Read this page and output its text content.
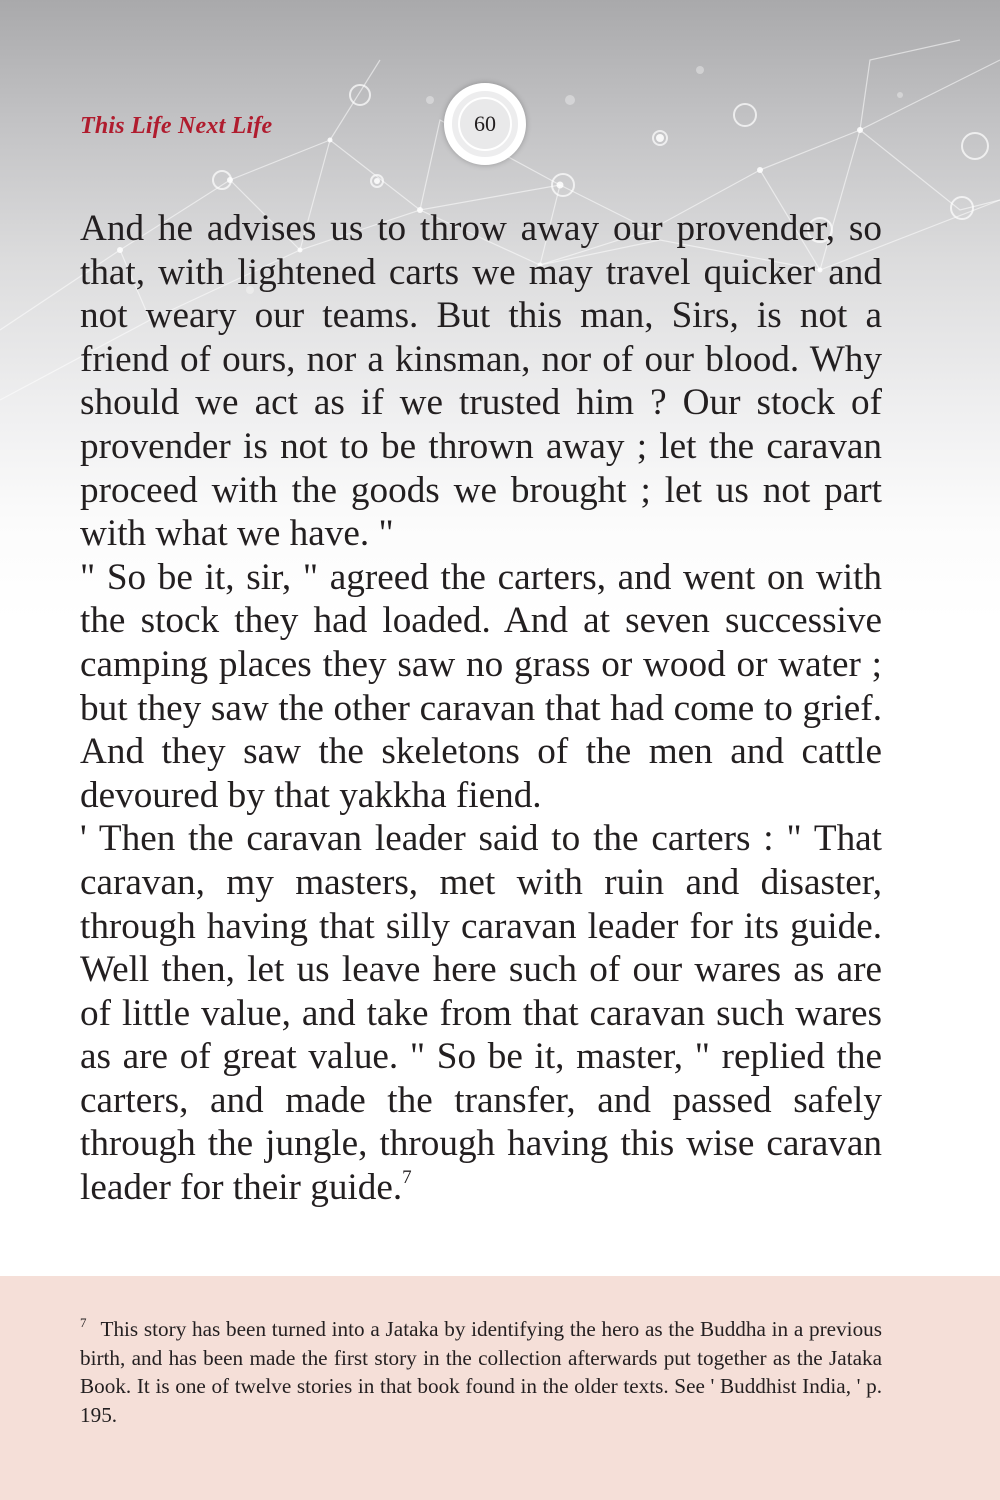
This Life Next Life	60

And he advises us to throw away our provender, so that, with lightened carts we may travel quicker and not weary our teams. But this man, Sirs, is not a friend of ours, nor a kinsman, nor of our blood. Why should we act as if we trusted him ? Our stock of provender is not to be thrown away ; let the caravan proceed with the goods we brought ; let us not part with what we have. "

" So be it, sir, " agreed the carters, and went on with the stock they had loaded. And at seven successive camping places they saw no grass or wood or water ; but they saw the other caravan that had come to grief. And they saw the skeletons of the men and cattle devoured by that yakkha fiend.

' Then the caravan leader said to the carters : " That caravan, my masters, met with ruin and disaster, through having that silly caravan leader for its guide. Well then, let us leave here such of our wares as are of little value, and take from that caravan such wares as are of great value. " So be it, master, " replied the carters, and made the transfer, and passed safely through the jungle, through having this wise caravan leader for their guide.$^7$

$^7$ This story has been turned into a Jataka by identifying the hero as the Buddha in a previous birth, and has been made the first story in the collection afterwards put together as the Jataka Book. It is one of twelve stories in that book found in the older texts. See ' Buddhist India, ' p. 195.
